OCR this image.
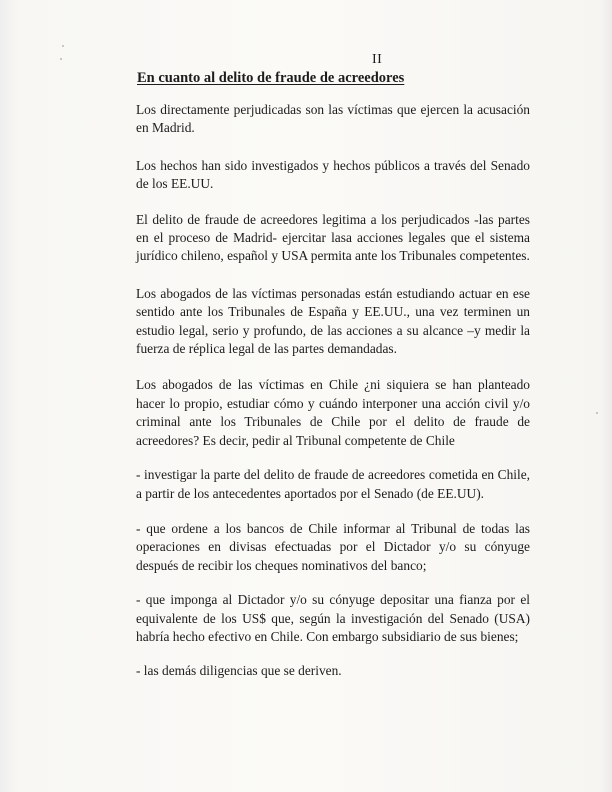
II
En cuanto al delito de fraude de acreedores

Los directamente perjudicadas son las víctimas que ejercen la acusación en Madrid.

Los hechos han sido investigados y hechos públicos a través del Senado de los EE.UU.

El delito de fraude de acreedores legitima a los perjudicados -las partes en el proceso de Madrid- ejercitar lasa acciones legales que el sistema jurídico chileno, español y USA permita ante los Tribunales competentes.

Los abogados de las víctimas personadas están estudiando actuar en ese sentido ante los Tribunales de España y EE.UU., una vez terminen un estudio legal, serio y profundo, de las acciones a su alcance –y medir la fuerza de réplica legal de las partes demandadas.

Los abogados de las víctimas en Chile ¿ni siquiera se han planteado hacer lo propio, estudiar cómo y cuándo interponer una acción civil y/o criminal ante los Tribunales de Chile por el delito de fraude de acreedores? Es decir, pedir al Tribunal competente de Chile

- investigar la parte del delito de fraude de acreedores cometida en Chile, a partir de los antecedentes aportados por el Senado (de EE.UU).

- que ordene a los bancos de Chile informar al Tribunal de todas las operaciones en divisas efectuadas por el Dictador y/o su cónyuge después de recibir los cheques nominativos del banco;

- que imponga al Dictador y/o su cónyuge depositar una fianza por el equivalente de los US$ que, según la investigación del Senado (USA) habría hecho efectivo en Chile. Con embargo subsidiario de sus bienes;

- las demás diligencias que se deriven.
